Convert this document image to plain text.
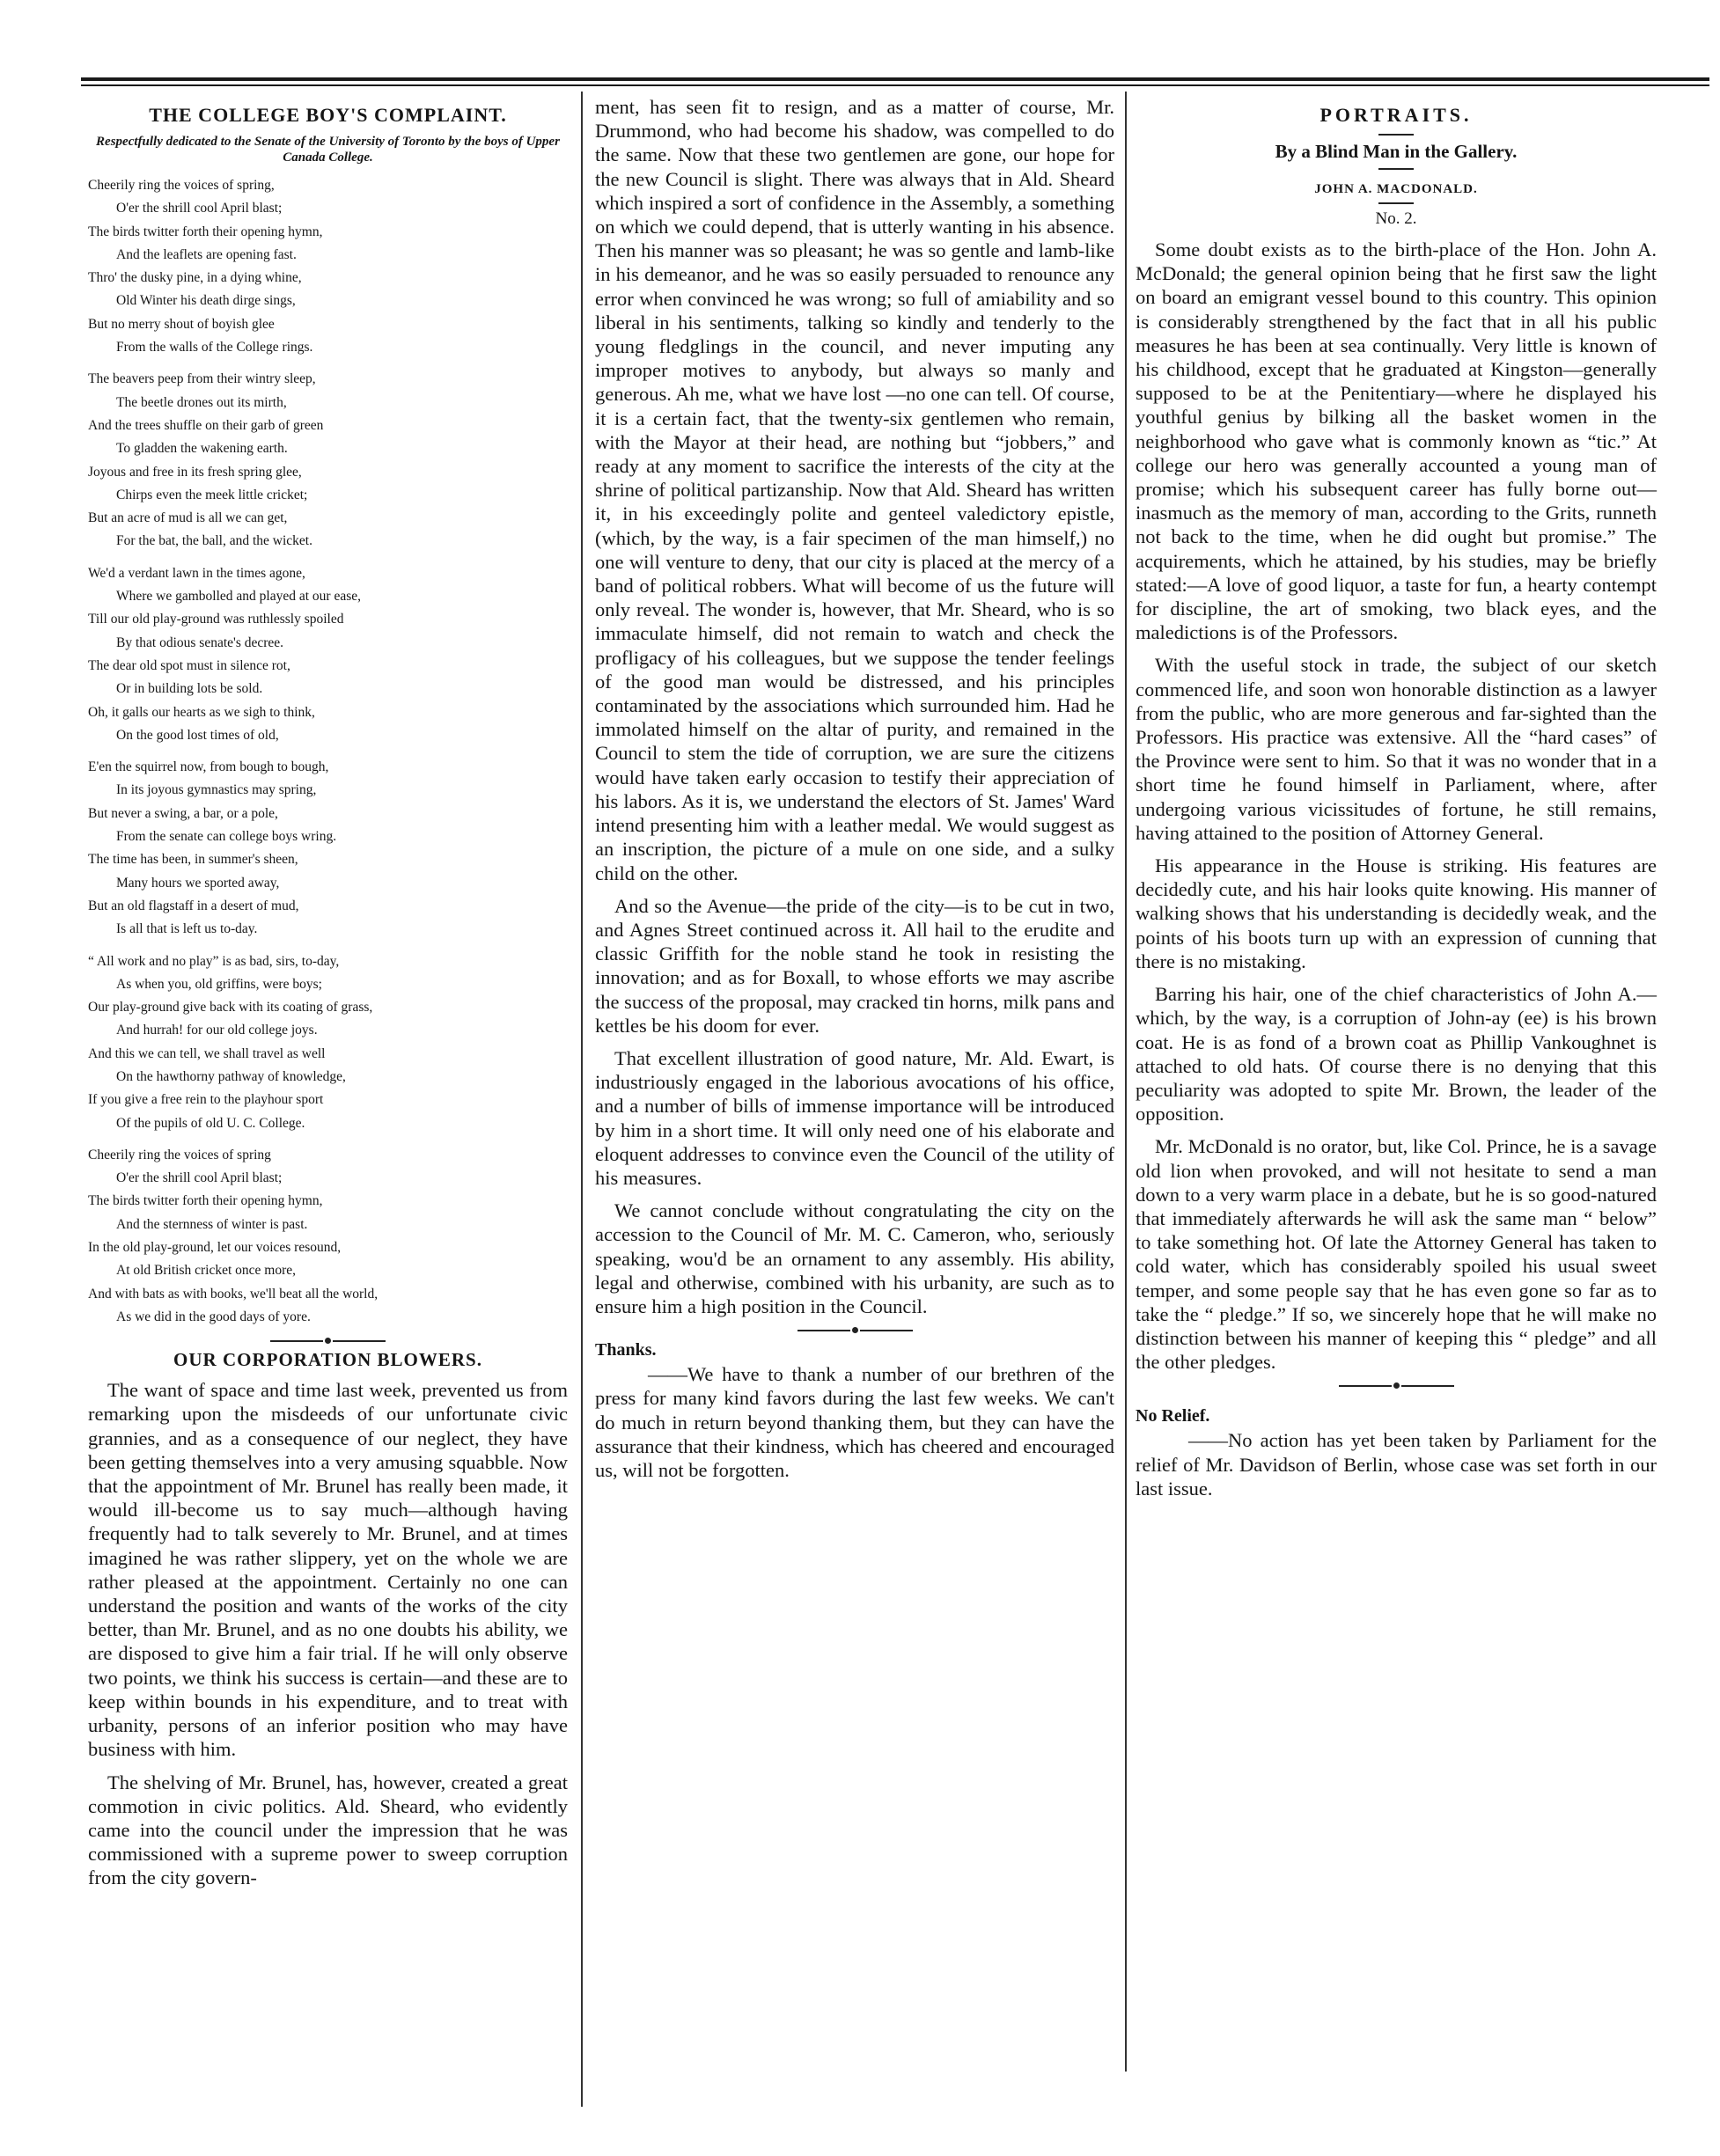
THE COLLEGE BOY'S COMPLAINT.
Respectfully dedicated to the Senate of the University of Toronto by the boys of Upper Canada College.
Cheerily ring the voices of spring,
O'er the shrill cool April blast;
The birds twitter forth their opening hymn,
And the leaflets are opening fast.
Thro' the dusky pine, in a dying whine,
Old Winter his death dirge sings,
But no merry shout of boyish glee
From the walls of the College rings.
The beavers peep from their wintry sleep,
The beetle drones out its mirth,
And the trees shuffle on their garb of green
To gladden the wakening earth.
Joyous and free in its fresh spring glee,
Chirps even the meek little cricket;
But an acre of mud is all we can get,
For the bat, the ball, and the wicket.
We'd a verdant lawn in the times agone,
Where we gambolled and played at our ease,
Till our old play-ground was ruthlessly spoiled
By that odious senate's decree.
The dear old spot must in silence rot,
Or in building lots be sold.
Oh, it galls our hearts as we sigh to think,
On the good lost times of old,
E'en the squirrel now, from bough to bough,
In its joyous gymnastics may spring,
But never a swing, a bar, or a pole,
From the senate can college boys wring.
The time has been, in summer's sheen,
Many hours we sported away,
But an old flagstaff in a desert of mud,
Is all that is left us to-day.
“ All work and no play” is as bad, sirs, to-day,
As when you, old griffins, were boys;
Our play-ground give back with its coating of grass,
And hurrah! for our old college joys.
And this we can tell, we shall travel as well
On the hawthorny pathway of knowledge,
If you give a free rein to the playhour sport
Of the pupils of old U. C. College.
Cheerily ring the voices of spring
O'er the shrill cool April blast;
The birds twitter forth their opening hymn,
And the sternness of winter is past.
In the old play-ground, let our voices resound,
At old British cricket once more,
And with bats as with books, we'll beat all the world,
As we did in the good days of yore.
OUR CORPORATION BLOWERS.

The want of space and time last week, prevented us from remarking upon the misdeeds of our unfortunate civic grannies, and as a consequence of our neglect, they have been getting themselves into a very amusing squabble. Now that the appointment of Mr. Brunel has really been made, it would ill-become us to say much—although having frequently had to talk severely to Mr. Brunel, and at times imagined he was rather slippery, yet on the whole we are rather pleased at the appointment. Certainly no one can understand the position and wants of the works of the city better, than Mr. Brunel, and as no one doubts his ability, we are disposed to give him a fair trial. If he will only observe two points, we think his success is certain—and these are to keep within bounds in his expenditure, and to treat with urbanity, persons of an inferior position who may have business with him.

The shelving of Mr. Brunel, has, however, created a great commotion in civic politics. Ald. Sheard, who evidently came into the council under the impression that he was commissioned with a supreme power to sweep corruption from the city govern-

ment, has seen fit to resign, and as a matter of course, Mr. Drummond, who had become his shadow, was compelled to do the same. Now that these two gentlemen are gone, our hope for the new Council is slight. There was always that in Ald. Sheard which inspired a sort of confidence in the Assembly, a something on which we could depend, that is utterly wanting in his absence. Then his manner was so pleasant; he was so gentle and lamb-like in his demeanor, and he was so easily persuaded to renounce any error when convinced he was wrong; so full of amiability and so liberal in his sentiments, talking so kindly and tenderly to the young fledglings in the council, and never imputing any improper motives to anybody, but always so manly and generous. Ah me, what we have lost —no one can tell. Of course, it is a certain fact, that the twenty-six gentlemen who remain, with the Mayor at their head, are nothing but “jobbers,” and ready at any moment to sacrifice the interests of the city at the shrine of political partizanship. Now that Ald. Sheard has written it, in his exceedingly polite and genteel valedictory epistle, (which, by the way, is a fair specimen of the man himself,) no one will venture to deny, that our city is placed at the mercy of a band of political robbers. What will become of us the future will only reveal. The wonder is, however, that Mr. Sheard, who is so immaculate himself, did not remain to watch and check the profligacy of his colleagues, but we suppose the tender feelings of the good man would be distressed, and his principles contaminated by the associations which surrounded him. Had he immolated himself on the altar of purity, and remained in the Council to stem the tide of corruption, we are sure the citizens would have taken early occasion to testify their appreciation of his labors. As it is, we understand the electors of St. James' Ward intend presenting him with a leather medal. We would suggest as an inscription, the picture of a mule on one side, and a sulky child on the other.

And so the Avenue—the pride of the city—is to be cut in two, and Agnes Street continued across it. All hail to the erudite and classic Griffith for the noble stand he took in resisting the innovation; and as for Boxall, to whose efforts we may ascribe the success of the proposal, may cracked tin horns, milk pans and kettles be his doom for ever.

That excellent illustration of good nature, Mr. Ald. Ewart, is industriously engaged in the laborious avocations of his office, and a number of bills of immense importance will be introduced by him in a short time. It will only need one of his elaborate and eloquent addresses to convince even the Council of the utility of his measures.

We cannot conclude without congratulating the city on the accession to the Council of Mr. M. C. Cameron, who, seriously speaking, wou'd be an ornament to any assembly. His ability, legal and otherwise, combined with his urbanity, are such as to ensure him a high position in the Council.

Thanks.
——We have to thank a number of our brethren of the press for many kind favors during the last few weeks. We can't do much in return beyond thanking them, but they can have the assurance that their kindness, which has cheered and encouraged us, will not be forgotten.
PORTRAITS.
By a Blind Man in the Gallery.
JOHN A. MACDONALD.
No. 2.

Some doubt exists as to the birth-place of the Hon. John A. McDonald; the general opinion being that he first saw the light on board an emigrant vessel bound to this country. This opinion is considerably strengthened by the fact that in all his public measures he has been at sea continually. Very little is known of his childhood, except that he graduated at Kingston—generally supposed to be at the Penitentiary—where he displayed his youthful genius by bilking all the basket women in the neighborhood who gave what is commonly known as “tic.” At college our hero was generally accounted a young man of promise; which his subsequent career has fully borne out—inasmuch as the memory of man, according to the Grits, runneth not back to the time, when he did ought but promise.” The acquirements, which he attained, by his studies, may be briefly stated:—A love of good liquor, a taste for fun, a hearty contempt for discipline, the art of smoking, two black eyes, and the maledictions is of the Professors.

With the useful stock in trade, the subject of our sketch commenced life, and soon won honorable distinction as a lawyer from the public, who are more generous and far-sighted than the Professors. His practice was extensive. All the “hard cases” of the Province were sent to him. So that it was no wonder that in a short time he found himself in Parliament, where, after undergoing various vicissitudes of fortune, he still remains, having attained to the position of Attorney General.

His appearance in the House is striking. His features are decidedly cute, and his hair looks quite knowing. His manner of walking shows that his understanding is decidedly weak, and the points of his boots turn up with an expression of cunning that there is no mistaking.

Barring his hair, one of the chief characteristics of John A.—which, by the way, is a corruption of John-ay (ee) is his brown coat. He is as fond of a brown coat as Phillip Vankoughnet is attached to old hats. Of course there is no denying that this peculiarity was adopted to spite Mr. Brown, the leader of the opposition.

Mr. McDonald is no orator, but, like Col. Prince, he is a savage old lion when provoked, and will not hesitate to send a man down to a very warm place in a debate, but he is so good-natured that immediately afterwards he will ask the same man “ below” to take something hot. Of late the Attorney General has taken to cold water, which has considerably spoiled his usual sweet temper, and some people say that he has even gone so far as to take the “ pledge.” If so, we sincerely hope that he will make no distinction between his manner of keeping this “ pledge” and all the other pledges.

No Relief.
——No action has yet been taken by Parliament for the relief of Mr. Davidson of Berlin, whose case was set forth in our last issue.
